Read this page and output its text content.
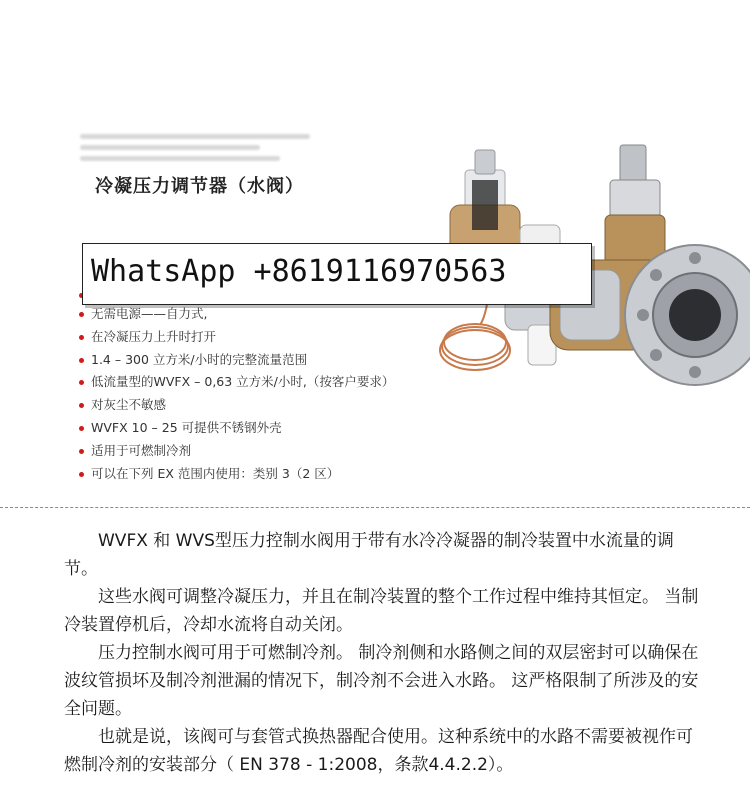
冷凝压力调节器（水阀）
WhatsApp +8619116970563
无需电源——自力式,
在冷凝压力上升时打开
1.4 – 300 立方米/小时的完整流量范围
低流量型的WVFX – 0,63 立方米/小时,（按客户要求）
对灰尘不敏感
WVFX 10 – 25 可提供不锈钢外壳
适用于可燃制冷剂
可以在下列 EX 范围内使用：类别 3（2 区）

WVFX 和 WVS型压力控制水阀用于带有水冷冷凝器的制冷装置中水流量的调节。

这些水阀可调整冷凝压力，并且在制冷装置的整个工作过程中维持其恒定。 当制冷装置停机后，冷却水流将自动关闭。

压力控制水阀可用于可燃制冷剂。 制冷剂侧和水路侧之间的双层密封可以确保在波纹管损坏及制冷剂泄漏的情况下，制冷剂不会进入水路。 这严格限制了所涉及的安全问题。

也就是说，该阀可与套管式换热器配合使用。这种系统中的水路不需要被视作可燃制冷剂的安装部分（ EN 378 - 1:2008，条款4.4.2.2）。
